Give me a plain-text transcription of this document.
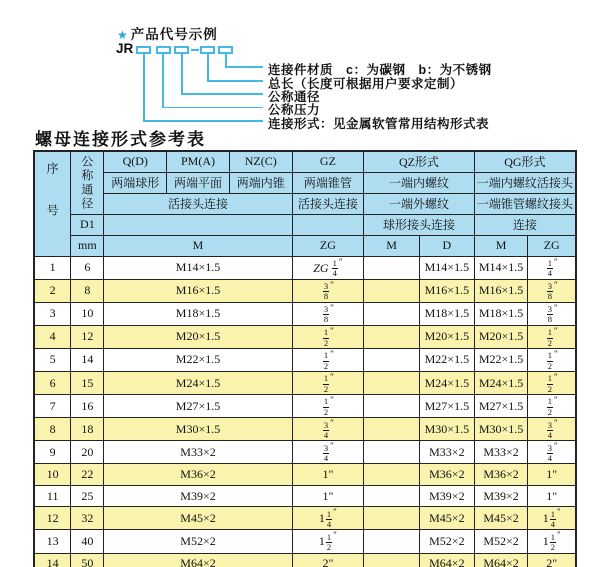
★ 产品代号示例
JR
连接件材质　c：为碳钢　b：为不锈钢
总长（长度可根据用户要求定制）
公称通径
公称压力
连接形式：见金属软管常用结构形式表
螺母连接形式参考表
序号	公称通径	Q(D)	PM(A)	NZ(C)	GZ	QZ形式		QG形式	
		两端球形	两端平面	两端内锥	两端锥管	一端内螺纹		一端内螺纹活接头	
		活接头连接			活接头连接	一端外螺纹		一端锥管螺纹接头	
	D1					球形接头连接		连接	
	mm	M			ZG	M	D	M	ZG
1	6	M14×1.5			ZG $\frac{1}{4} ''$		M14×1.5	M14×1.5	$\frac{1}{4} ''$
2	8	M16×1.5			$\frac{3}{8} ''$		M16×1.5	M16×1.5	$\frac{3}{8} ''$
3	10	M18×1.5			$\frac{3}{8} ''$		M18×1.5	M18×1.5	$\frac{3}{8} ''$
4	12	M20×1.5			$\frac{1}{2} ''$		M20×1.5	M20×1.5	$\frac{1}{2} ''$
5	14	M22×1.5			$\frac{1}{2} ''$		M22×1.5	M22×1.5	$\frac{1}{2} ''$
6	15	M24×1.5			$\frac{1}{2} ''$		M24×1.5	M24×1.5	$\frac{1}{2} ''$
7	16	M27×1.5			$\frac{1}{2} ''$		M27×1.5	M27×1.5	$\frac{1}{2} ''$
8	18	M30×1.5			$\frac{3}{4} ''$		M30×1.5	M30×1.5	$\frac{3}{4} ''$
9	20	M33×2			$\frac{3}{4} ''$		M33×2	M33×2	$\frac{3}{4} ''$
10	22	M36×2			1"		M36×2	M36×2	1"
11	25	M39×2			1"		M39×2	M39×2	1"
12	32	M45×2			$1 \frac{1}{4} ''$		M45×2	M45×2	$1 \frac{1}{4} ''$
13	40	M52×2			$1 \frac{1}{2} ''$		M52×2	M52×2	$1 \frac{1}{2} ''$
14	50	M64×2			2"		M64×2	M64×2	2"
